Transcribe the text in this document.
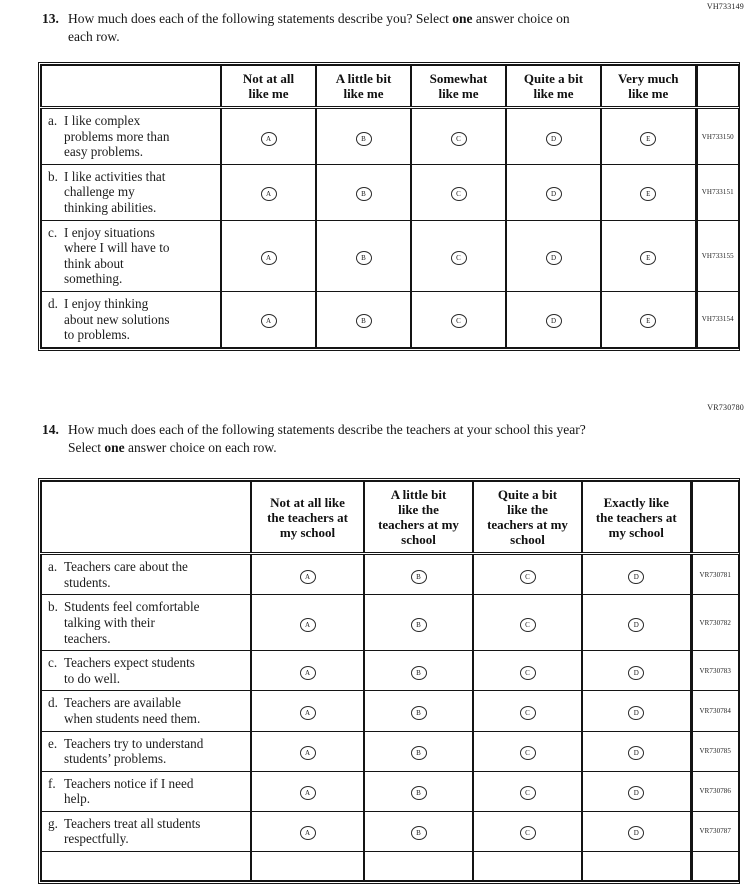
VH733149
13. How much does each of the following statements describe you? Select one answer choice on each row.
	Not at all
like me	A little bit
like me	Somewhat
like me	Quite a bit
like me	Very much
like me	

a. I like complex
problems more than
easy problems.	A	B	C	D	E	VH733150

b. I like activities that
challenge my
thinking abilities.	A	B	C	D	E	VH733151

c. I enjoy situations
where I will have to
think about
something.	A	B	C	D	E	VH733155

d. I enjoy thinking
about new solutions
to problems.	A	B	C	D	E	VH733154
VR730780
14. How much does each of the following statements describe the teachers at your school this year? Select one answer choice on each row.
	Not at all like
the teachers at
my school	A little bit
like the
teachers at my
school	Quite a bit
like the
teachers at my
school	Exactly like
the teachers at
my school	

a. Teachers care about the
students.	A	B	C	D	VR730781

b. Students feel comfortable
talking with their
teachers.	A	B	C	D	VR730782

c. Teachers expect students
to do well.	A	B	C	D	VR730783

d. Teachers are available
when students need them.	A	B	C	D	VR730784

e. Teachers try to understand
students’ problems.	A	B	C	D	VR730785

f. Teachers notice if I need
help.	A	B	C	D	VR730786

g. Teachers treat all students
respectfully.	A	B	C	D	VR730787
